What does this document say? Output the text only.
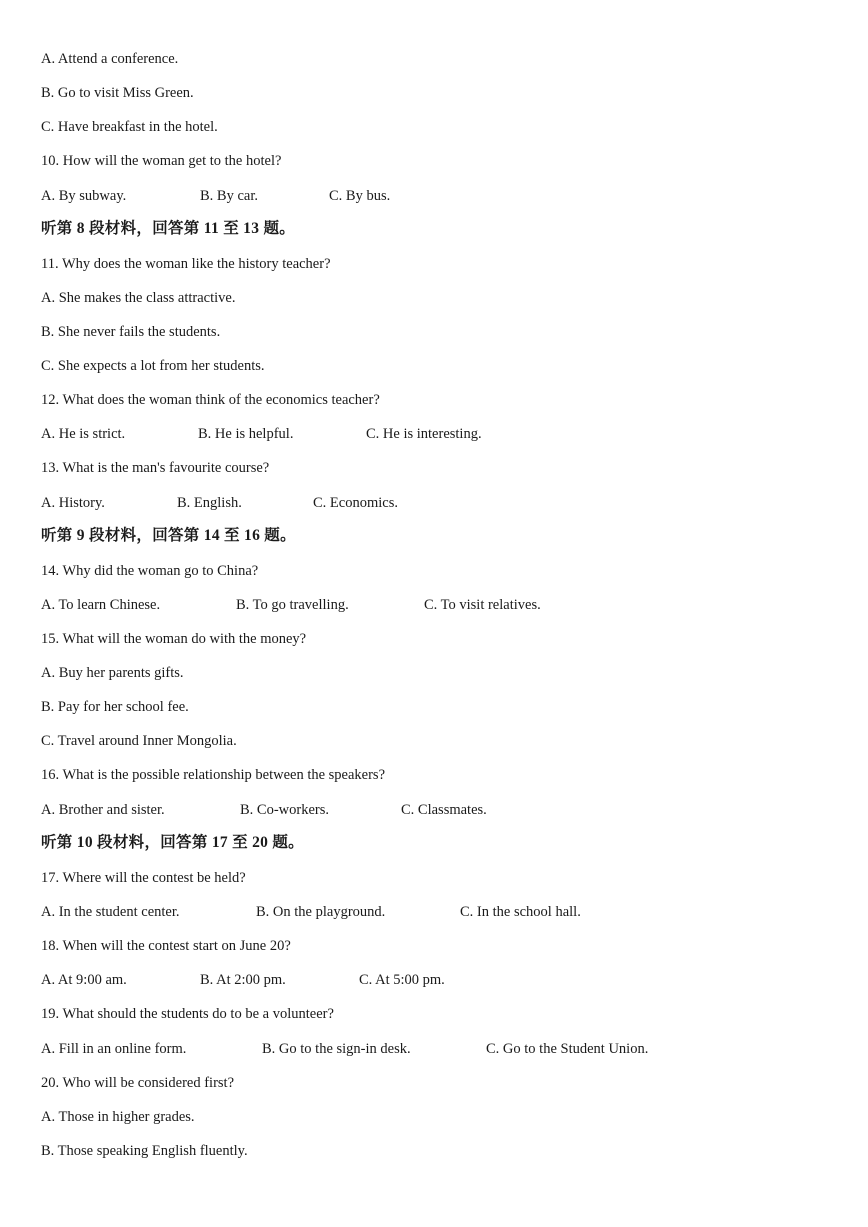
A. Attend a conference.
B. Go to visit Miss Green.
C. Have breakfast in the hotel.
10. How will the woman get to the hotel?
A. By subway.	B. By car.	C. By bus.
听第 8 段材料，回答第 11 至 13 题。
11. Why does the woman like the history teacher?
A. She makes the class attractive.
B. She never fails the students.
C. She expects a lot from her students.
12. What does the woman think of the economics teacher?
A. He is strict.	B. He is helpful.	C. He is interesting.
13. What is the man's favourite course?
A. History.	B. English.	C. Economics.
听第 9 段材料，回答第 14 至 16 题。
14. Why did the woman go to China?
A. To learn Chinese.	B. To go travelling.	C. To visit relatives.
15. What will the woman do with the money?
A. Buy her parents gifts.
B. Pay for her school fee.
C. Travel around Inner Mongolia.
16. What is the possible relationship between the speakers?
A. Brother and sister.	B. Co-workers.	C. Classmates.
听第 10 段材料，回答第 17 至 20 题。
17. Where will the contest be held?
A. In the student center.	B. On the playground.	C. In the school hall.
18. When will the contest start on June 20?
A. At 9:00 am.	B. At 2:00 pm.	C. At 5:00 pm.
19. What should the students do to be a volunteer?
A. Fill in an online form.	B. Go to the sign-in desk.	C. Go to the Student Union.
20. Who will be considered first?
A. Those in higher grades.
B. Those speaking English fluently.
